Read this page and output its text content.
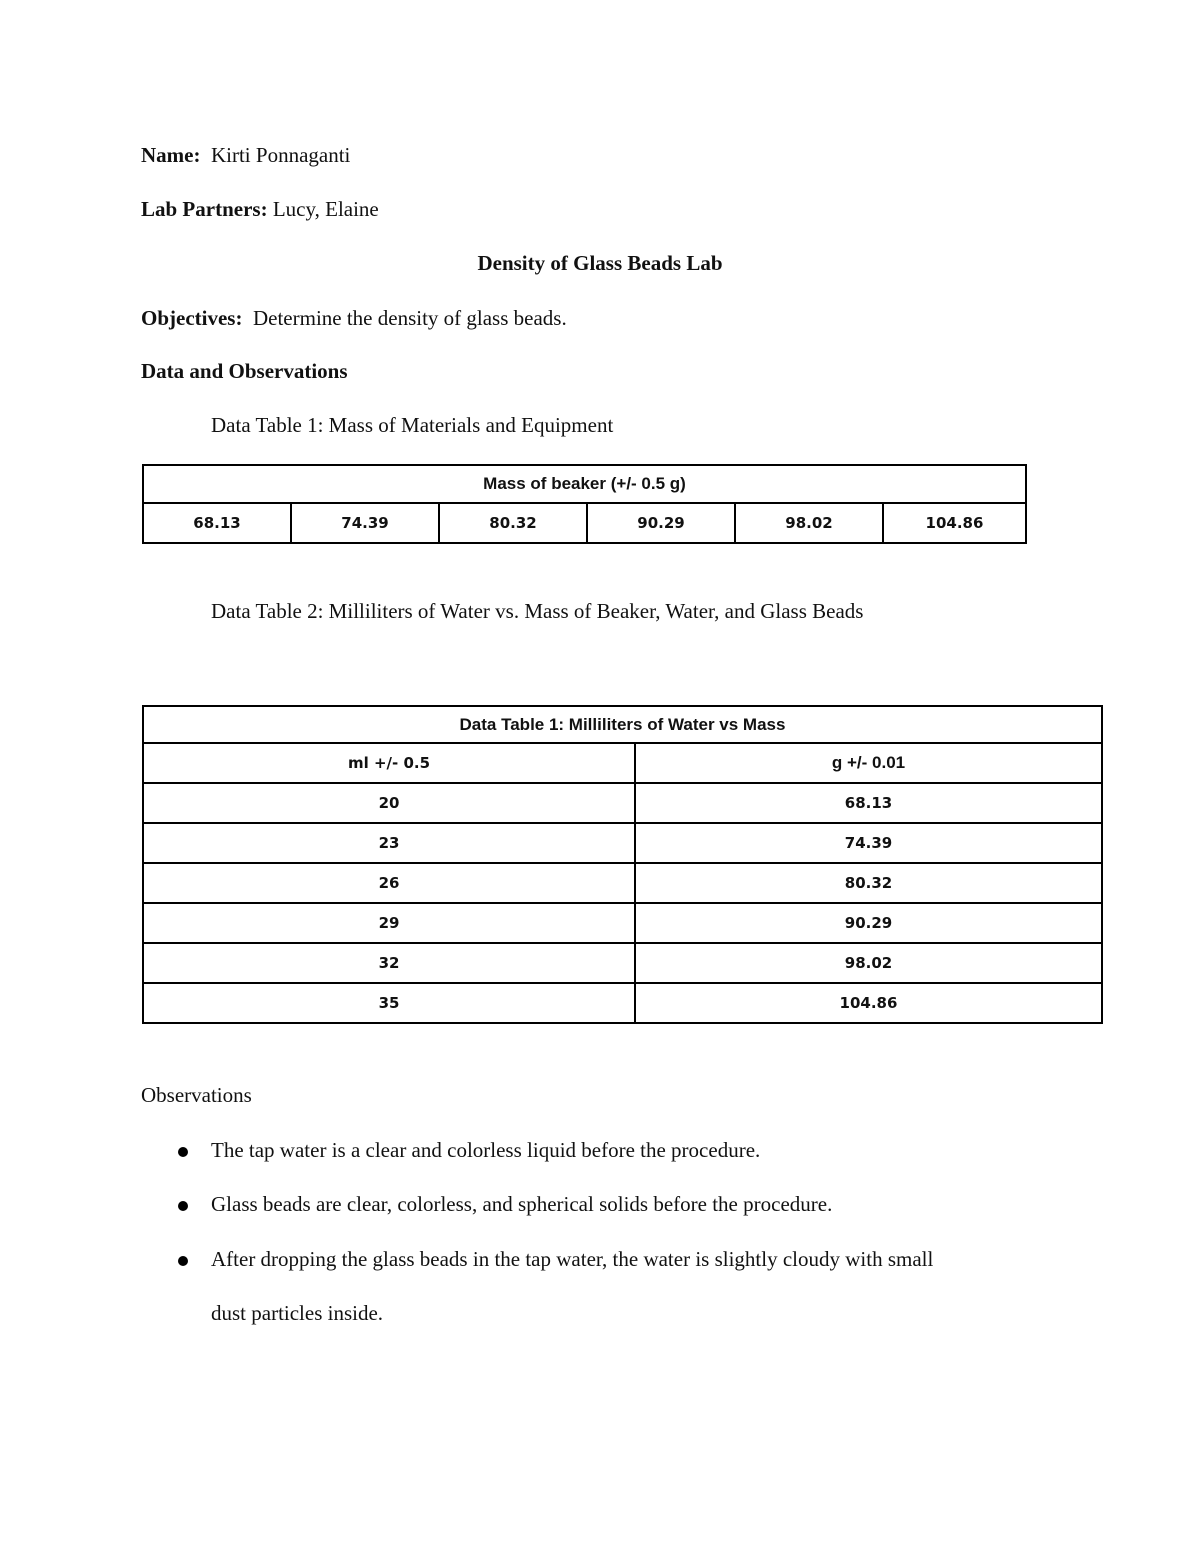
Name: Kirti Ponnaganti
Lab Partners: Lucy, Elaine
Density of Glass Beads Lab
Objectives: Determine the density of glass beads.
Data and Observations
Data Table 1: Mass of Materials and Equipment
Mass of beaker (+/- 0.5 g)
68.13	74.39	80.32	90.29	98.02	104.86
Data Table 2: Milliliters of Water vs. Mass of Beaker, Water, and Glass Beads
Data Table 1: Milliliters of Water vs Mass	
ml +/- 0.5	g +/- 0.01
20	68.13
23	74.39
26	80.32
29	90.29
32	98.02
35	104.86
Observations
The tap water is a clear and colorless liquid before the procedure.
Glass beads are clear, colorless, and spherical solids before the procedure.
After dropping the glass beads in the tap water, the water is slightly cloudy with small
dust particles inside.
